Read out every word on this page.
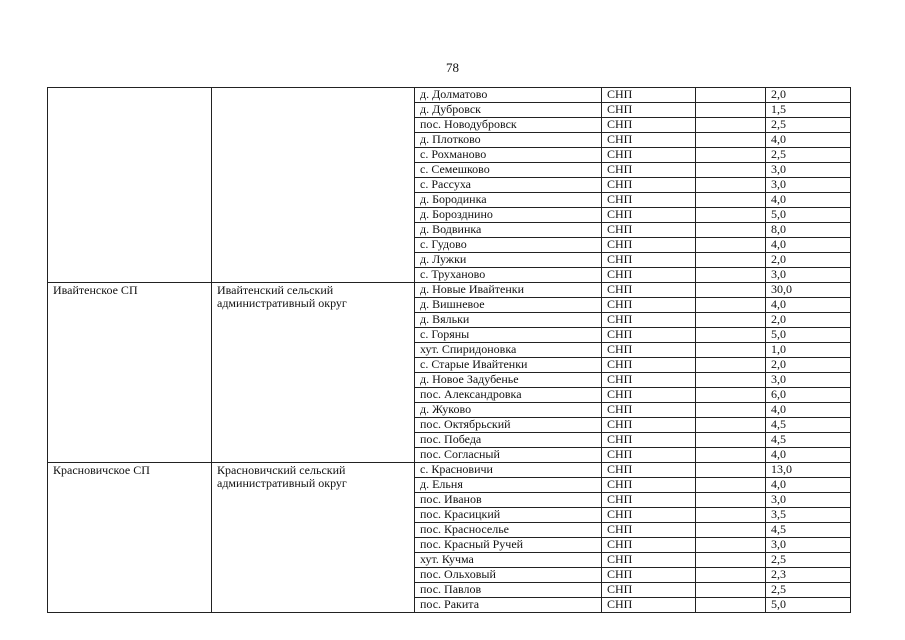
78
		д. Долматово	СНП		2,0
		д. Дубровск	СНП		1,5
		пос. Новодубровск	СНП		2,5
		д. Плотково	СНП		4,0
		с. Рохманово	СНП		2,5
		с. Семешково	СНП		3,0
		с. Рассуха	СНП		3,0
		д. Бородинка	СНП		4,0
		д. Борозднино	СНП		5,0
		д. Водвинка	СНП		8,0
		с. Гудово	СНП		4,0
		д. Лужки	СНП		2,0
		с. Труханово	СНП		3,0
Ивайтенское СП	Ивайтенский сельский административный округ	д. Новые Ивайтенки	СНП		30,0
		д. Вишневое	СНП		4,0
		д. Вяльки	СНП		2,0
		с. Горяны	СНП		5,0
		хут. Спиридоновка	СНП		1,0
		с. Старые Ивайтенки	СНП		2,0
		д. Новое Задубенье	СНП		3,0
		пос. Александровка	СНП		6,0
		д. Жуково	СНП		4,0
		пос. Октябрьский	СНП		4,5
		пос. Победа	СНП		4,5
		пос. Согласный	СНП		4,0
Красновичское СП	Красновичский сельский административный округ	с. Красновичи	СНП		13,0
		д. Ельня	СНП		4,0
		пос. Иванов	СНП		3,0
		пос. Красицкий	СНП		3,5
		пос. Красноселье	СНП		4,5
		пос. Красный Ручей	СНП		3,0
		хут. Кучма	СНП		2,5
		пос. Ольховый	СНП		2,3
		пос. Павлов	СНП		2,5
		пос. Ракита	СНП		5,0
